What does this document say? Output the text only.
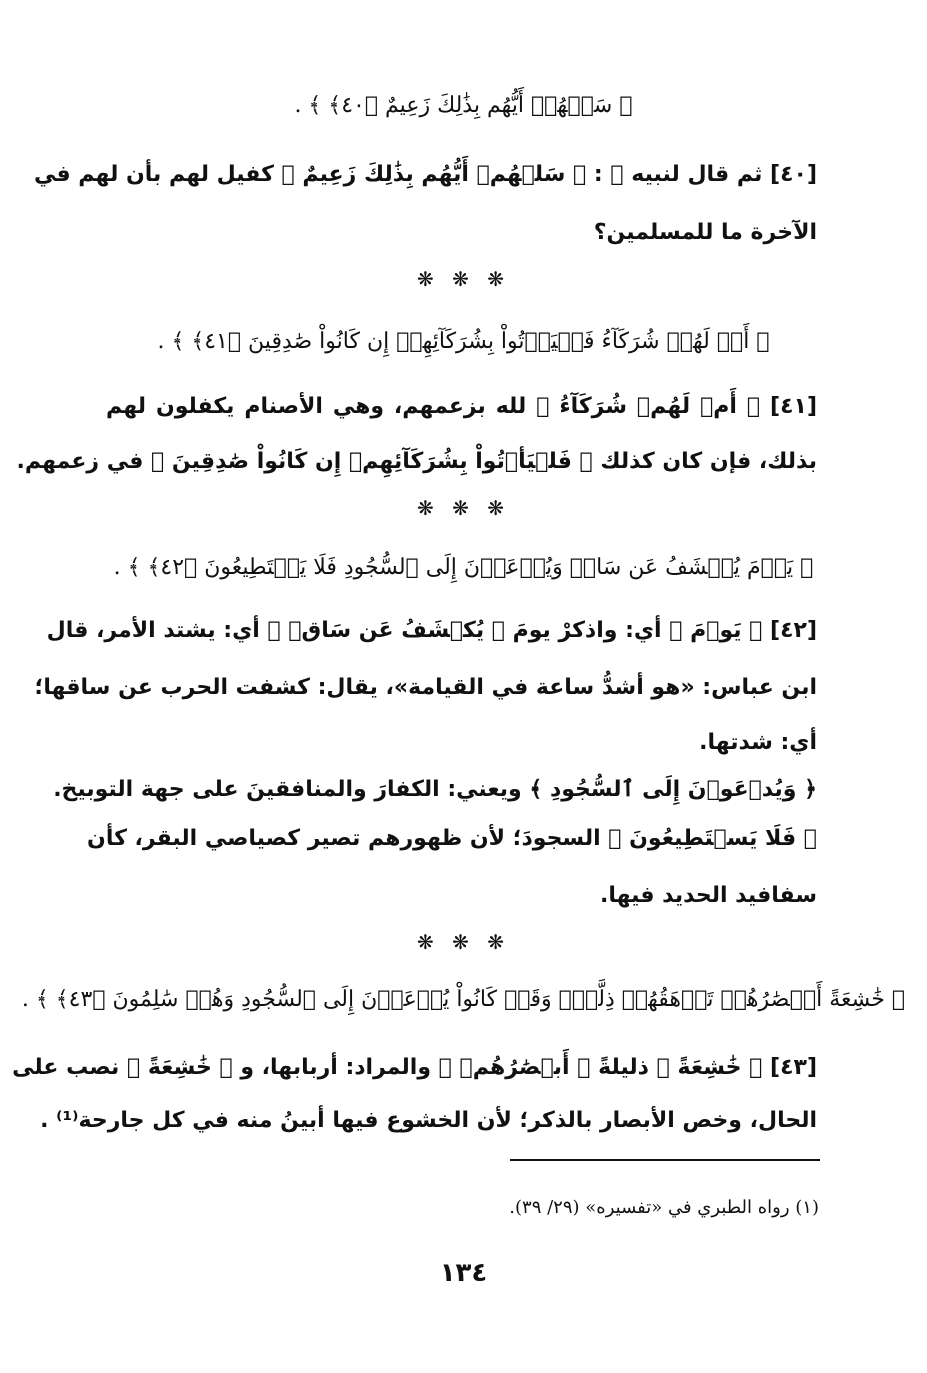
﴿ سَلۡهُمۡ أَيُّهُم بِذَٰلِكَ زَعِيمٌ ﴿٤٠﴾ ﴾ .
[٤٠] ثم قال لنبيه ﷺ : ﴿ سَلۡهُمۡ أَيُّهُم بِذَٰلِكَ زَعِيمٌ ﴾ كفيل لهم بأن لهم في
الآخرة ما للمسلمين؟
❋ ❋ ❋
﴿ أَمۡ لَهُمۡ شُرَكَآءُ فَلۡيَأۡتُواْ بِشُرَكَآئِهِمۡ إِن كَانُواْ صَٰدِقِينَ ﴿٤١﴾ ﴾ .
[٤١] ﴿ أَمۡ لَهُمۡ شُرَكَآءُ ﴾ لله بزعمهم، وهي الأصنام يكفلون لهم
بذلك، فإن كان كذلك ﴿ فَلۡيَأۡتُواْ بِشُرَكَآئِهِمۡ إِن كَانُواْ صَٰدِقِينَ ﴾ في زعمهم.
❋ ❋ ❋
﴿ يَوۡمَ يُكۡشَفُ عَن سَاقٖ وَيُدۡعَوۡنَ إِلَى ٱلسُّجُودِ فَلَا يَسۡتَطِيعُونَ ﴿٤٢﴾ ﴾ .
[٤٢] ﴿ يَوۡمَ ﴾ أي: واذكرْ يومَ ﴿ يُكۡشَفُ عَن سَاقٖ ﴾ أي: يشتد الأمر، قال
ابن عباس: «هو أشدُّ ساعة في القيامة»، يقال: كشفت الحرب عن ساقها؛
أي: شدتها.
﴿ وَيُدۡعَوۡنَ إِلَى ٱلسُّجُودِ ﴾ ويعني: الكفارَ والمنافقينَ على جهة التوبيخ.
﴿ فَلَا يَسۡتَطِيعُونَ ﴾ السجودَ؛ لأن ظهورهم تصير كصياصي البقر، كأن
سفافيد الحديد فيها.
❋ ❋ ❋
﴿ خَٰشِعَةً أَبۡصَٰرُهُمۡ تَرۡهَقُهُمۡ ذِلَّةٞۖ وَقَدۡ كَانُواْ يُدۡعَوۡنَ إِلَى ٱلسُّجُودِ وَهُمۡ سَٰلِمُونَ ﴿٤٣﴾ ﴾ .
[٤٣] ﴿ خَٰشِعَةً ﴾ ذليلةً ﴿ أَبۡصَٰرُهُمۡ ﴾ والمراد: أربابها، و ﴿ خَٰشِعَةً ﴾ نصب على
الحال، وخص الأبصار بالذكر؛ لأن الخشوع فيها أبينُ منه في كل جارحة⁽¹⁾ .
(١) رواه الطبري في «تفسيره» (٢٩/ ٣٩).
١٣٤
